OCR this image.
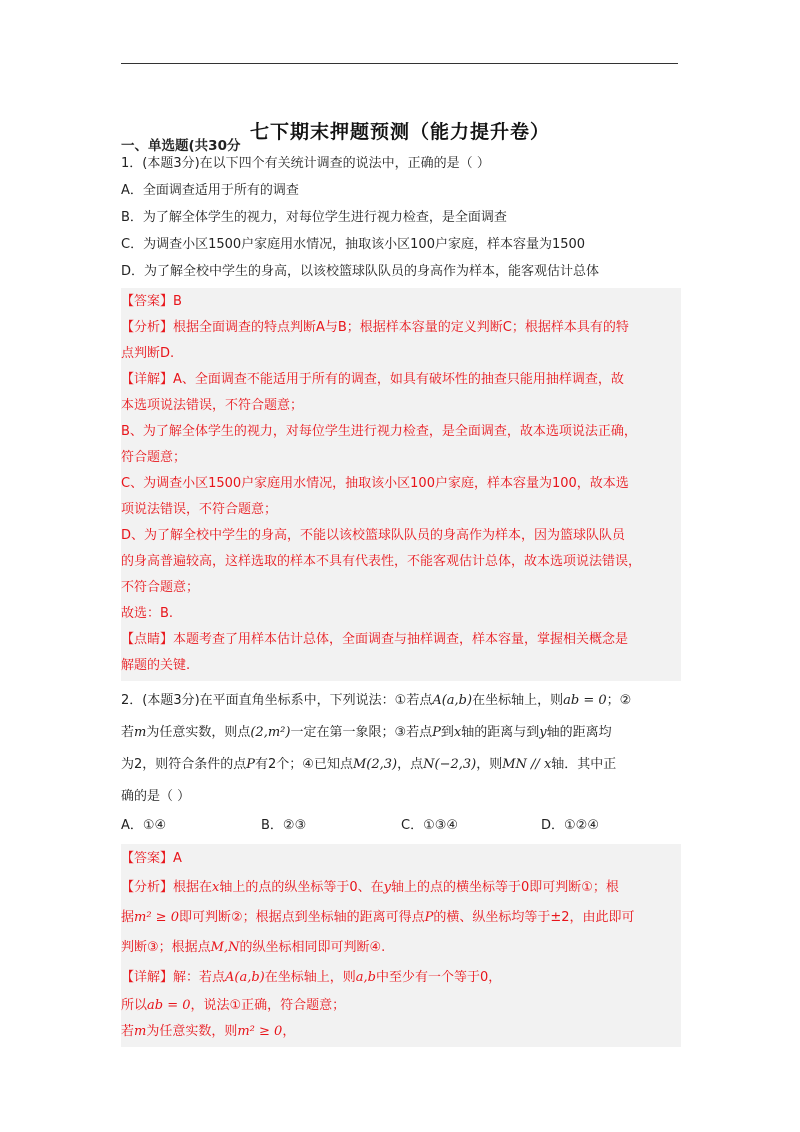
七下期末押题预测（能力提升卷）

一、单选题(共30分

1．(本题3分)在以下四个有关统计调查的说法中，正确的是（ ）

A．全面调查适用于所有的调查
B．为了解全体学生的视力，对每位学生进行视力检查，是全面调查
C．为调查小区1500户家庭用水情况，抽取该小区100户家庭，样本容量为1500
D．为了解全校中学生的身高，以该校篮球队队员的身高作为样本，能客观估计总体

【答案】B

【分析】根据全面调查的特点判断A与B；根据样本容量的定义判断C；根据样本具有的特

点判断D.

【详解】A、全面调查不能适用于所有的调查，如具有破坏性的抽查只能用抽样调查，故

本选项说法错误，不符合题意；

B、为了解全体学生的视力，对每位学生进行视力检查，是全面调查，故本选项说法正确，

符合题意；

C、为调查小区1500户家庭用水情况，抽取该小区100户家庭，样本容量为100，故本选

项说法错误，不符合题意；

D、为了解全校中学生的身高，不能以该校篮球队队员的身高作为样本，因为篮球队队员

的身高普遍较高，这样选取的样本不具有代表性，不能客观估计总体，故本选项说法错误，

不符合题意；

故选：B.

【点睛】本题考查了用样本估计总体，全面调查与抽样调查，样本容量，掌握相关概念是

解题的关键.

2．(本题3分)在平面直角坐标系中，下列说法：①若点A(a,b)在坐标轴上，则ab = 0；②
若m为任意实数，则点(2,m²)一定在第一象限；③若点P到x轴的距离与到y轴的距离均
为2，则符合条件的点P有2个；④已知点M(2,3)，点N(−2,3)，则MN // x轴．其中正
确的是（ ）
A．①④	B．②③	C．①③④	D．①②④

【答案】A

【分析】根据在x轴上的点的纵坐标等于0、在y轴上的点的横坐标等于0即可判断①；根

据m² ≥ 0即可判断②；根据点到坐标轴的距离可得点P的横、纵坐标均等于±2，由此即可

判断③；根据点M,N的纵坐标相同即可判断④.

【详解】解：若点A(a,b)在坐标轴上，则a,b中至少有一个等于0，

所以ab = 0，说法①正确，符合题意；

若m为任意实数，则m² ≥ 0，
